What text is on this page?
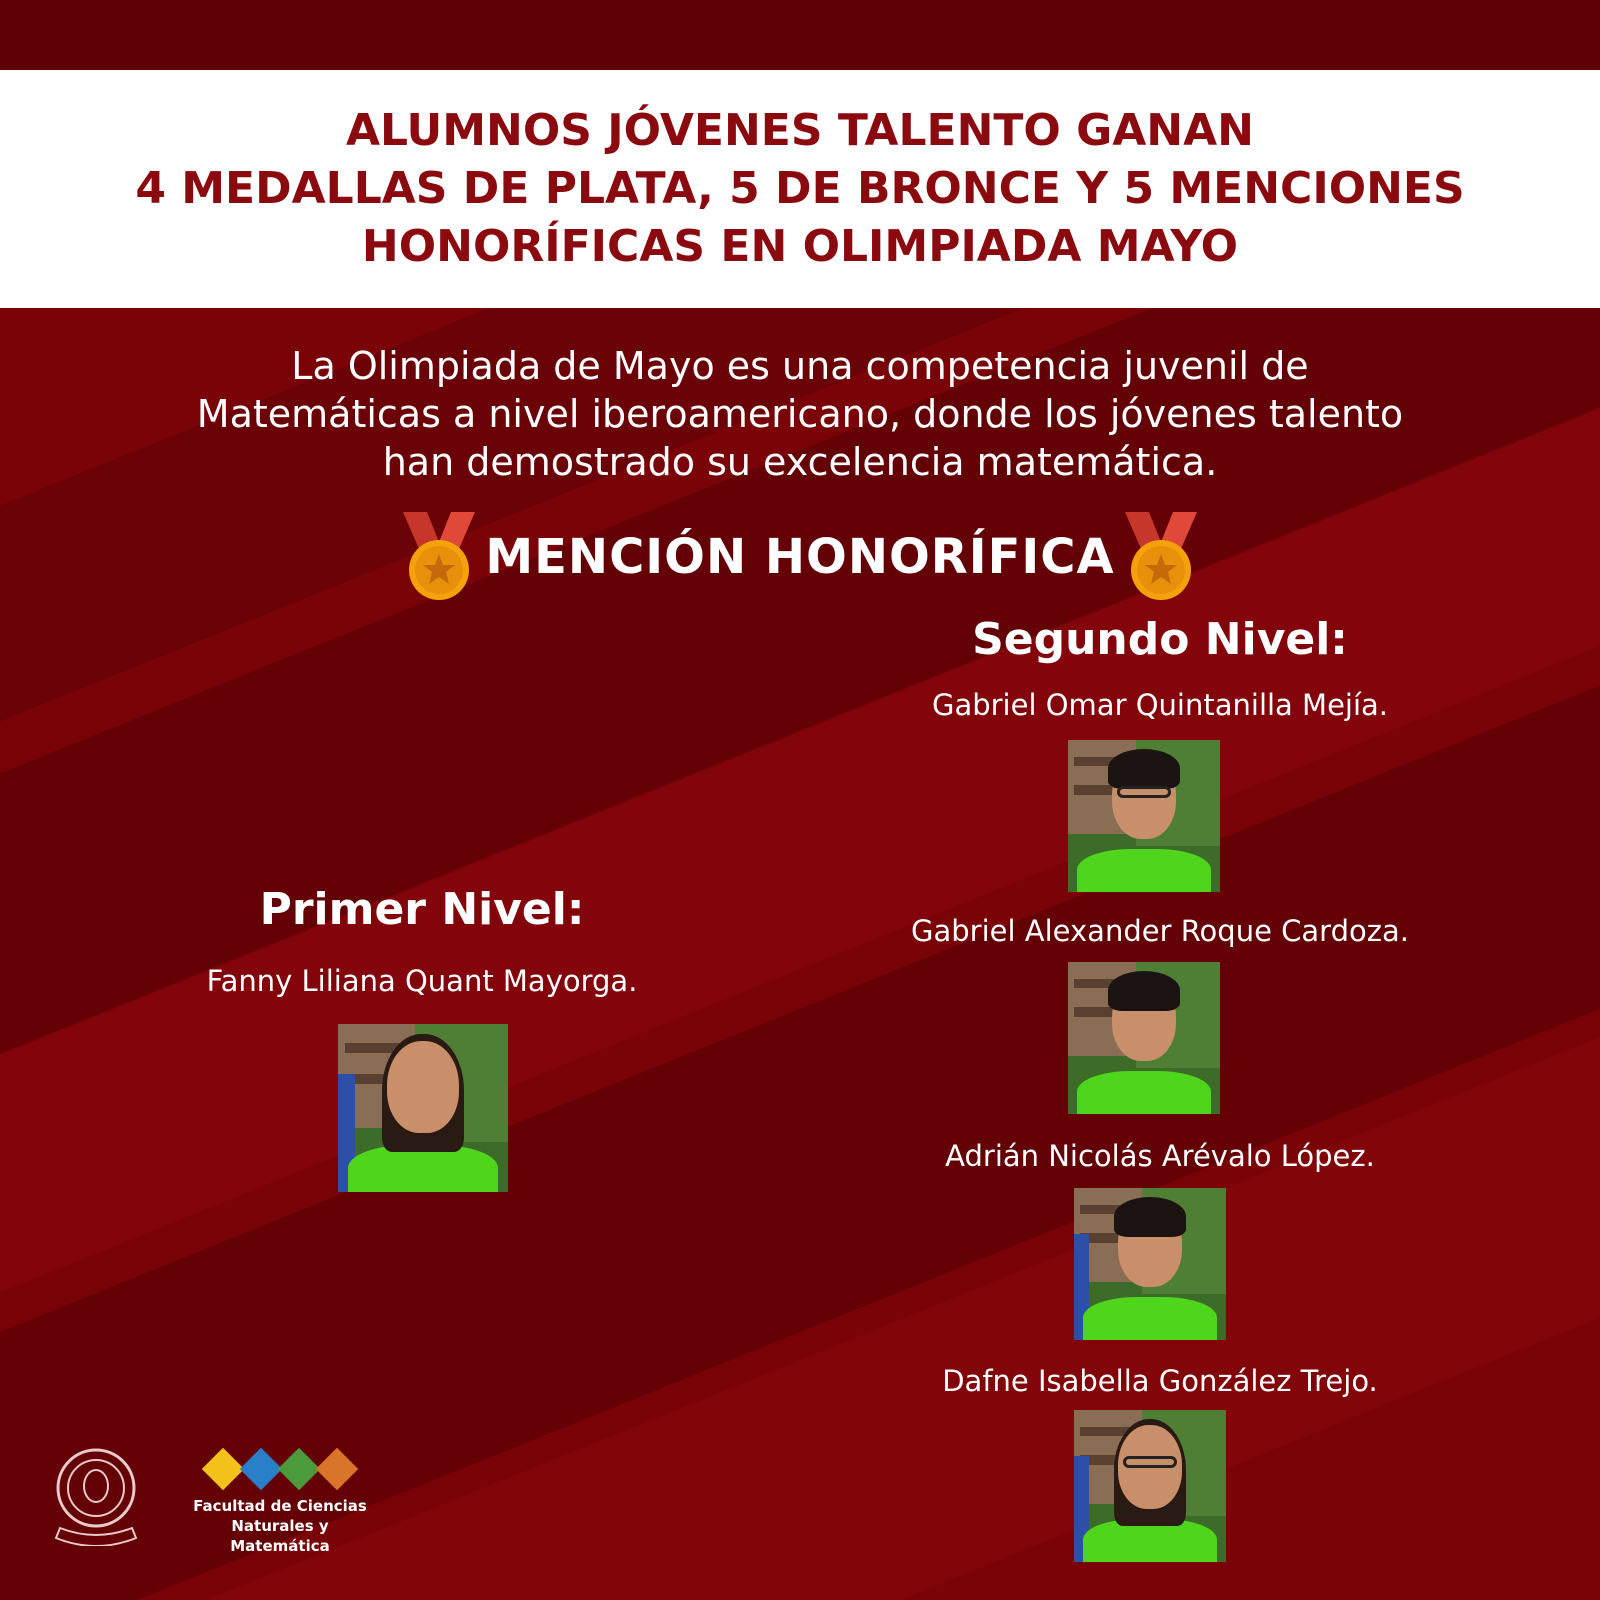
ALUMNOS JÓVENES TALENTO GANAN
4 MEDALLAS DE PLATA, 5 DE BRONCE Y 5 MENCIONES
HONORÍFICAS EN OLIMPIADA MAYO
La Olimpiada de Mayo es una competencia juvenil de
Matemáticas a nivel iberoamericano, donde los jóvenes talento
han demostrado su excelencia matemática.
MENCIÓN HONORÍFICA
Segundo Nivel:
Gabriel Omar Quintanilla Mejía.
Gabriel Alexander Roque Cardoza.
Adrián Nicolás Arévalo López.
Dafne Isabella González Trejo.
Primer Nivel:
Fanny Liliana Quant Mayorga.
Facultad de Ciencias
Naturales y Matemática
